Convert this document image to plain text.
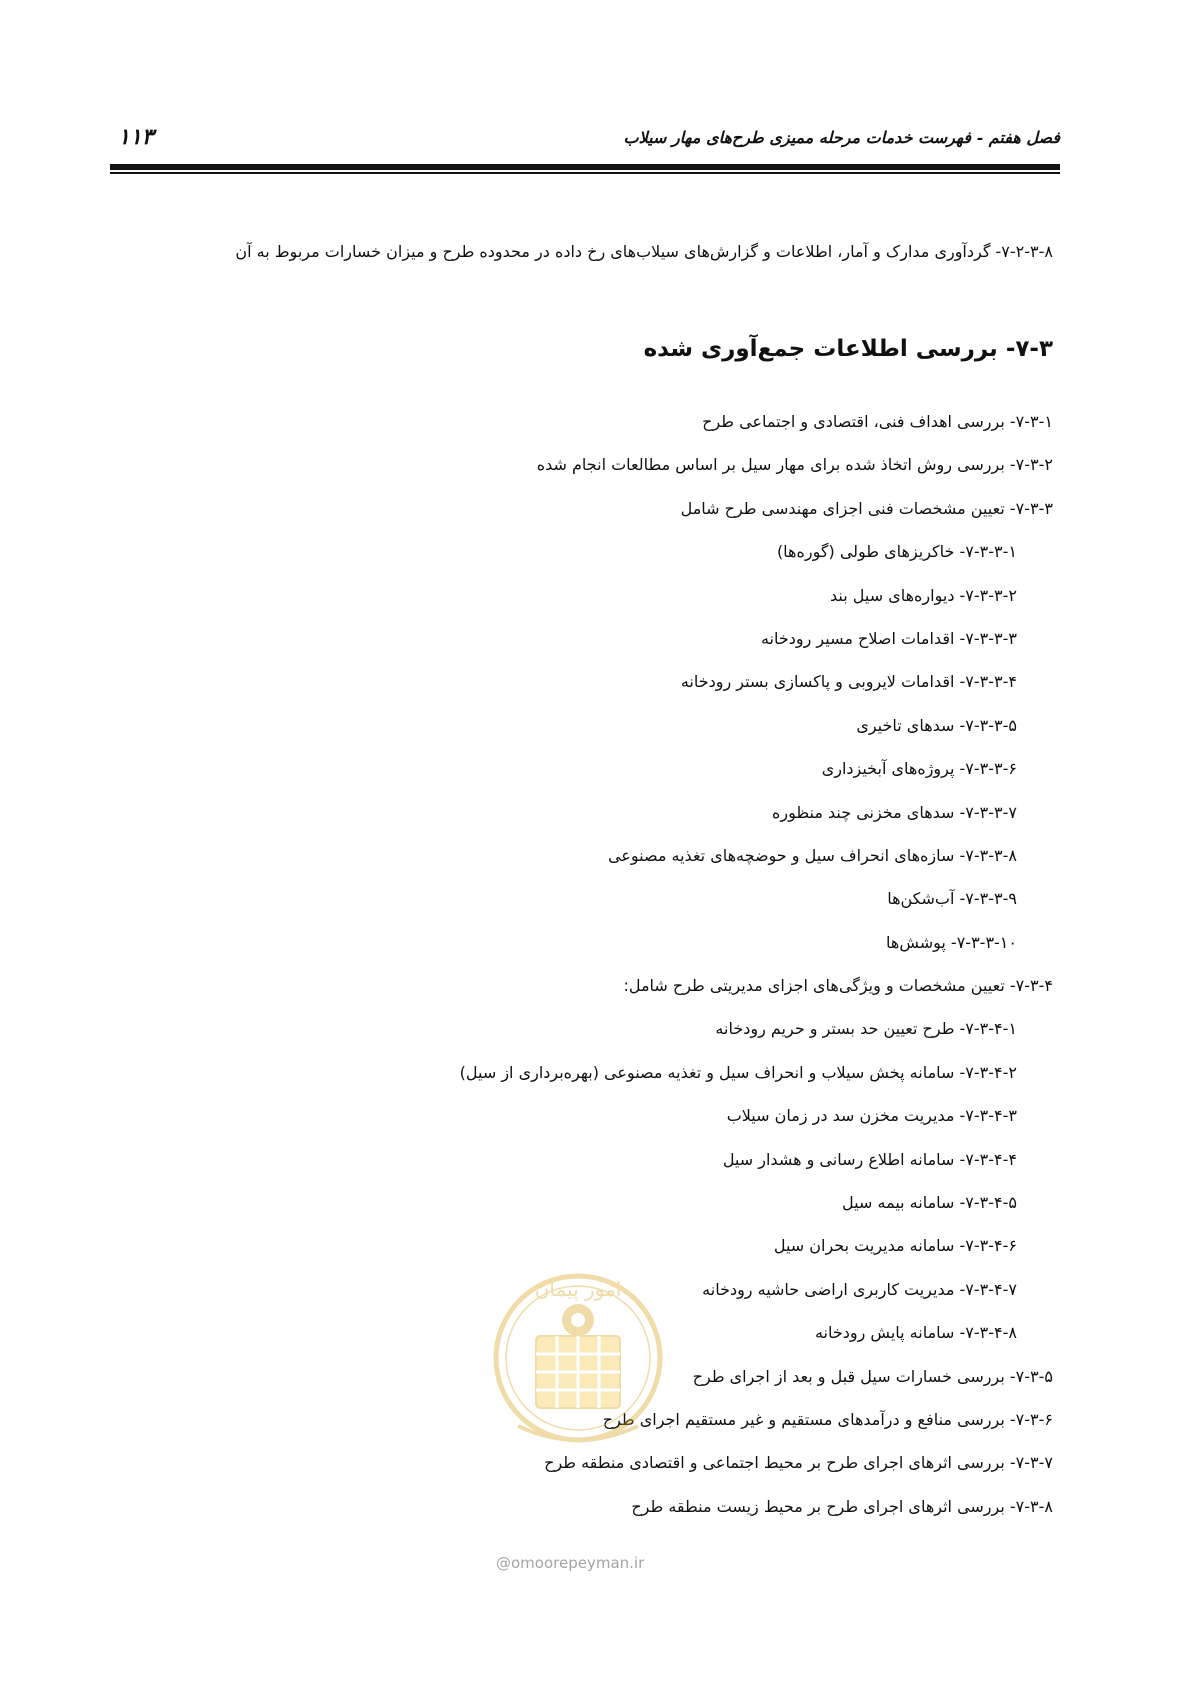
فصل هفتم - فهرست خدمات مرحله ممیزی طرح‌های مهار سیلاب
۱۱۳

۷-۲-۳-۸- گردآوری مدارک و آمار، اطلاعات و گزارش‌های سیلاب‌های رخ داده در محدوده طرح و میزان خسارات مربوط به آن

۷-۳- بررسی اطلاعات جمع‌آوری شده
۷-۳-۱- بررسی اهداف فنی، اقتصادی و اجتماعی طرح
۷-۳-۲- بررسی روش اتخاذ شده برای مهار سیل بر اساس مطالعات انجام شده
۷-۳-۳- تعیین مشخصات فنی اجزای مهندسی طرح شامل
۷-۳-۳-۱- خاکریزهای طولی (گوره‌ها)
۷-۳-۳-۲- دیواره‌های سیل بند
۷-۳-۳-۳- اقدامات اصلاح مسیر رودخانه
۷-۳-۳-۴- اقدامات لایروبی و پاکسازی بستر رودخانه
۷-۳-۳-۵- سدهای تاخیری
۷-۳-۳-۶- پروژه‌های آبخیزداری
۷-۳-۳-۷- سدهای مخزنی چند منظوره
۷-۳-۳-۸- سازه‌های انحراف سیل و حوضچه‌های تغذیه مصنوعی
۷-۳-۳-۹- آب‌شکن‌ها
۷-۳-۳-۱۰- پوشش‌ها
۷-۳-۴- تعیین مشخصات و ویژگی‌های اجزای مدیریتی طرح شامل:
۷-۳-۴-۱- طرح تعیین حد بستر و حریم رودخانه
۷-۳-۴-۲- سامانه پخش سیلاب و انحراف سیل و تغذیه مصنوعی (بهره‌برداری از سیل)
۷-۳-۴-۳- مدیریت مخزن سد در زمان سیلاب
۷-۳-۴-۴- سامانه اطلاع رسانی و هشدار سیل
۷-۳-۴-۵- سامانه بیمه سیل
۷-۳-۴-۶- سامانه مدیریت بحران سیل
۷-۳-۴-۷- مدیریت کاربری اراضی حاشیه رودخانه
۷-۳-۴-۸- سامانه پایش رودخانه
۷-۳-۵- بررسی خسارات سیل قبل و بعد از اجرای طرح
۷-۳-۶- بررسی منافع و درآمدهای مستقیم و غیر مستقیم اجرای طرح
۷-۳-۷- بررسی اثرهای اجرای طرح بر محیط اجتماعی و اقتصادی منطقه طرح
۷-۳-۸- بررسی اثرهای اجرای طرح بر محیط زیست منطقه طرح
امور پیمان
@omoorepeyman.ir
